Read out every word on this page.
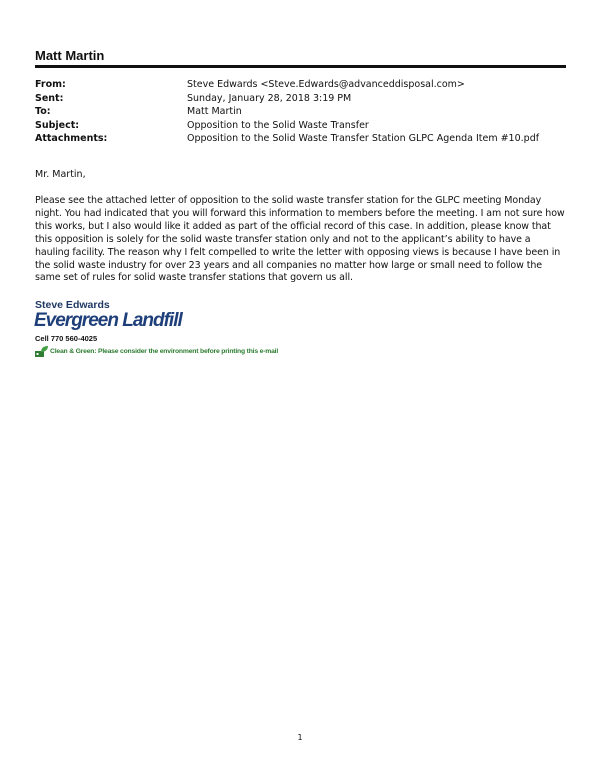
Matt Martin
From:	Steve Edwards <Steve.Edwards@advanceddisposal.com>
Sent:	Sunday, January 28, 2018 3:19 PM
To:	Matt Martin
Subject:	Opposition to the Solid Waste Transfer
Attachments:	Opposition to the Solid Waste Transfer Station GLPC Agenda Item #10.pdf
Mr. Martin,
Please see the attached letter of opposition to the solid waste transfer station for the GLPC meeting Monday night. You had indicated that you will forward this information to members before the meeting. I am not sure how this works, but I also would like it added as part of the official record of this case. In addition, please know that this opposition is solely for the solid waste transfer station only and not to the applicant’s ability to have a hauling facility. The reason why I felt compelled to write the letter with opposing views is because I have been in the solid waste industry for over 23 years and all companies no matter how large or small need to follow the same set of rules for solid waste transfer stations that govern us all.
Steve Edwards
Evergreen Landfill
Cell 770 560-4025
Clean & Green: Please consider the environment before printing this e-mail
1
